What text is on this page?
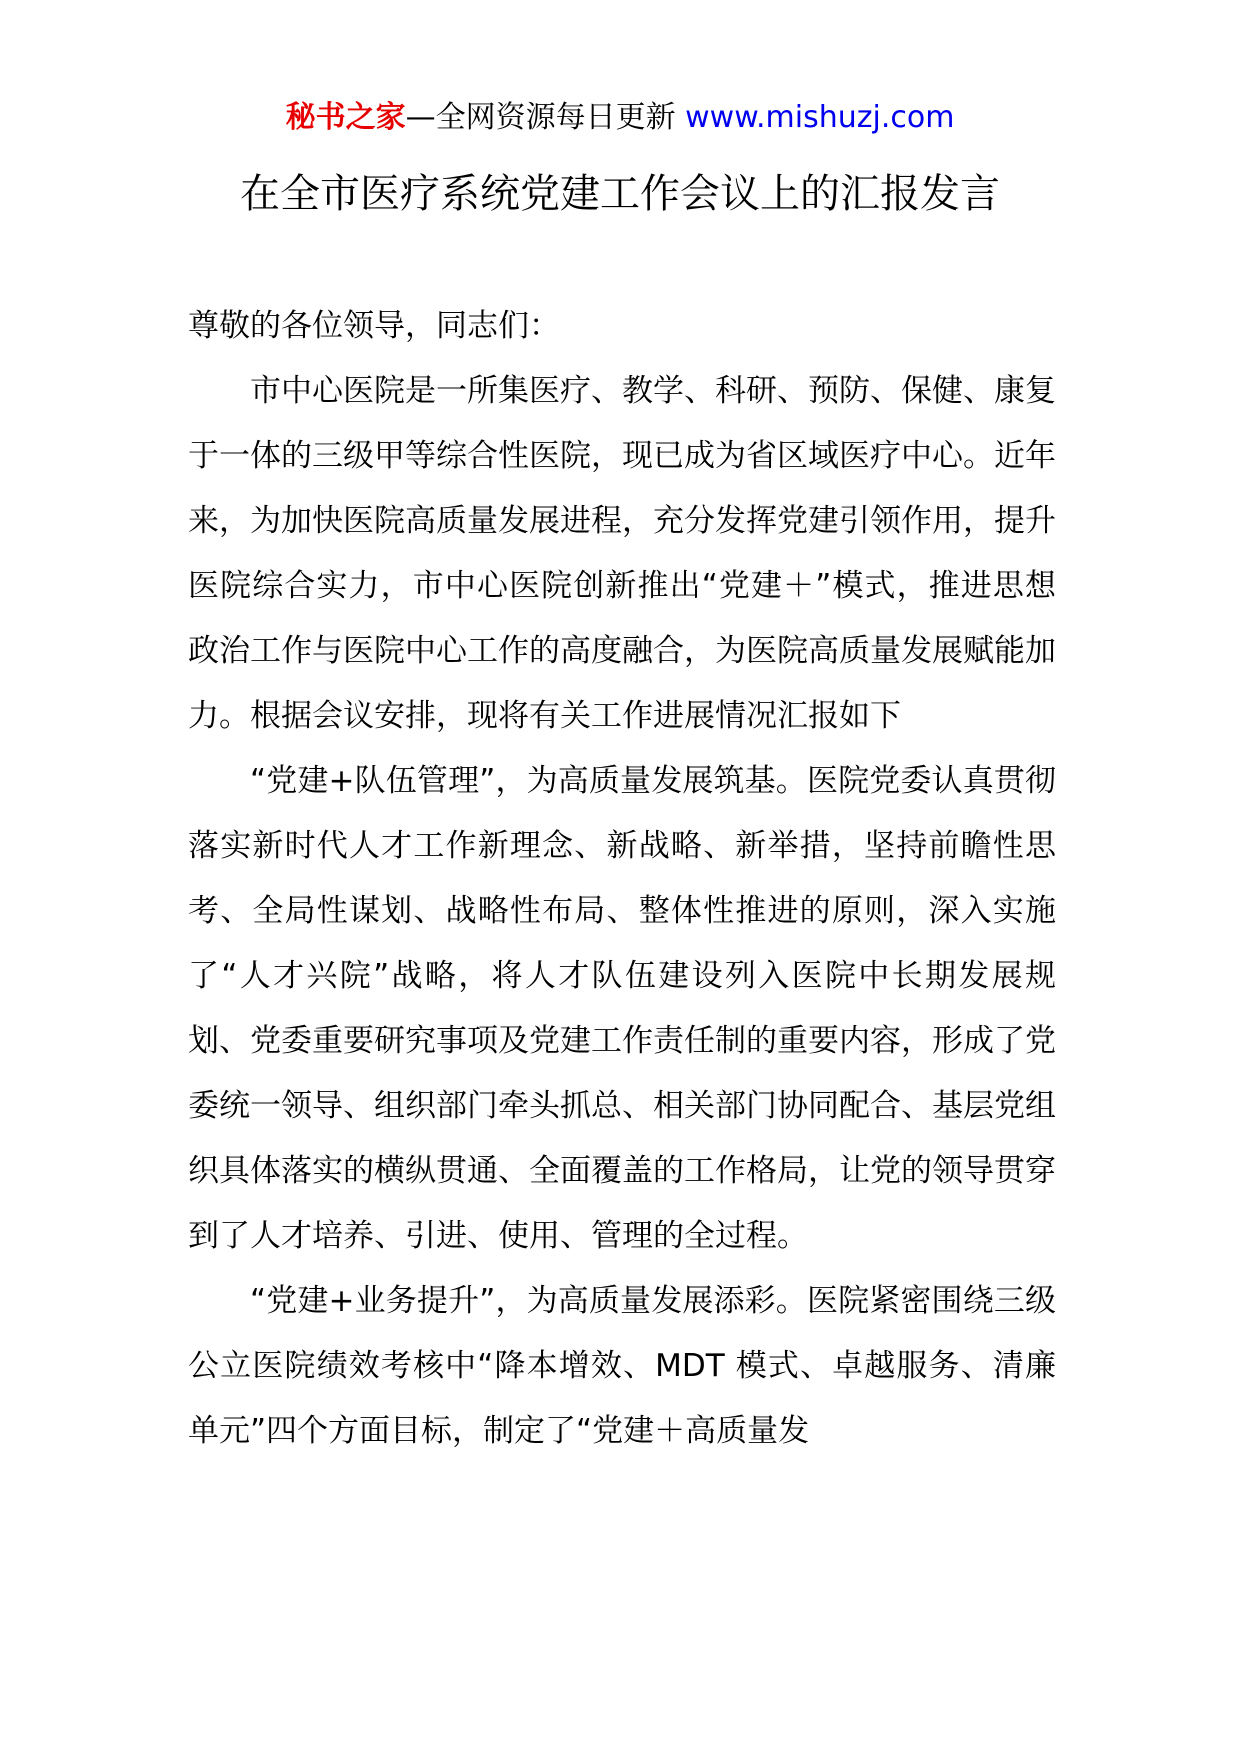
秘书之家—全网资源每日更新 www.mishuzj.com
在全市医疗系统党建工作会议上的汇报发言

尊敬的各位领导，同志们：

市中心医院是一所集医疗、教学、科研、预防、保健、康复于一体的三级甲等综合性医院，现已成为省区域医疗中心。近年来，为加快医院高质量发展进程，充分发挥党建引领作用，提升医院综合实力，市中心医院创新推出“党建＋”模式，推进思想政治工作与医院中心工作的高度融合，为医院高质量发展赋能加力。根据会议安排，现将有关工作进展情况汇报如下

“党建+队伍管理”，为高质量发展筑基。医院党委认真贯彻落实新时代人才工作新理念、新战略、新举措，坚持前瞻性思考、全局性谋划、战略性布局、整体性推进的原则，深入实施了“人才兴院”战略，将人才队伍建设列入医院中长期发展规划、党委重要研究事项及党建工作责任制的重要内容，形成了党委统一领导、组织部门牵头抓总、相关部门协同配合、基层党组织具体落实的横纵贯通、全面覆盖的工作格局，让党的领导贯穿到了人才培养、引进、使用、管理的全过程。

“党建+业务提升”，为高质量发展添彩。医院紧密围绕三级公立医院绩效考核中“降本增效、MDT 模式、卓越服务、清廉单元”四个方面目标，制定了“党建＋高质量发
